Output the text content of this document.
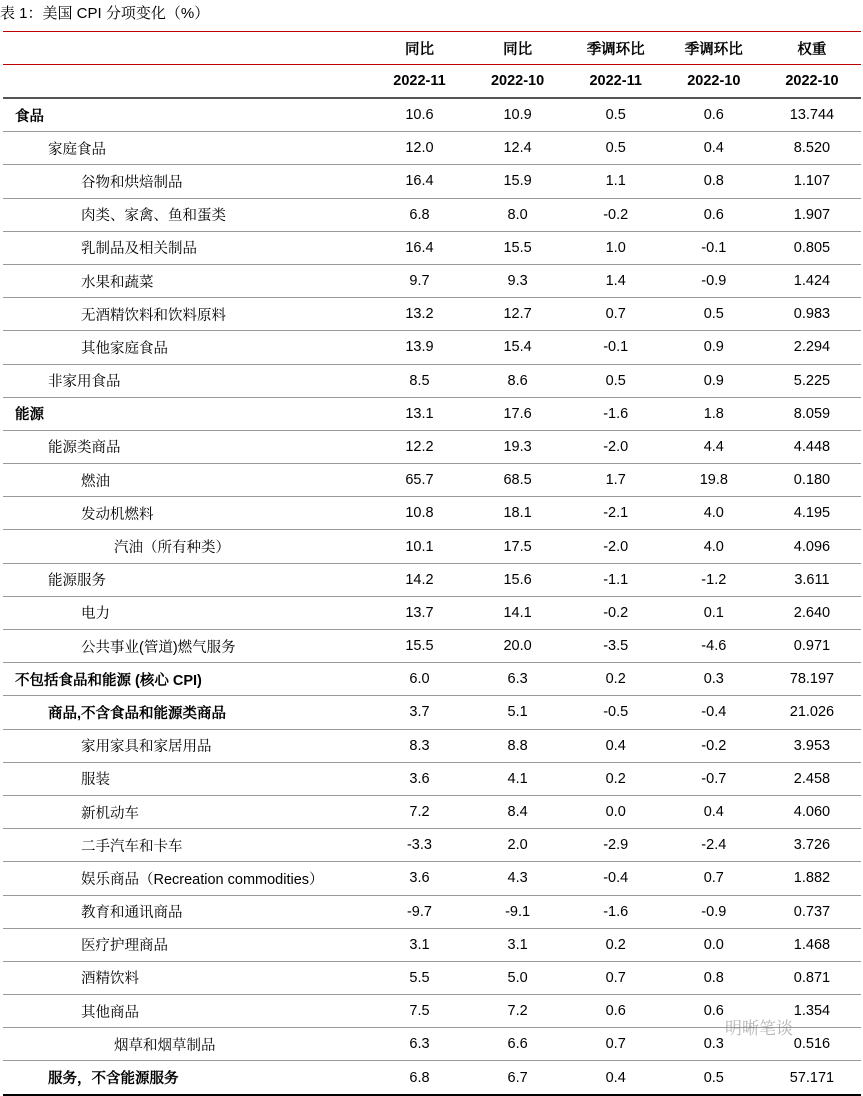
表 1：美国 CPI 分项变化（%）
	同比	同比	季调环比	季调环比	权重
	2022-11	2022-10	2022-11	2022-10	2022-10
食品	10.6	10.9	0.5	0.6	13.744
家庭食品	12.0	12.4	0.5	0.4	8.520
谷物和烘焙制品	16.4	15.9	1.1	0.8	1.107
肉类、家禽、鱼和蛋类	6.8	8.0	-0.2	0.6	1.907
乳制品及相关制品	16.4	15.5	1.0	-0.1	0.805
水果和蔬菜	9.7	9.3	1.4	-0.9	1.424
无酒精饮料和饮料原料	13.2	12.7	0.7	0.5	0.983
其他家庭食品	13.9	15.4	-0.1	0.9	2.294
非家用食品	8.5	8.6	0.5	0.9	5.225
能源	13.1	17.6	-1.6	1.8	8.059
能源类商品	12.2	19.3	-2.0	4.4	4.448
燃油	65.7	68.5	1.7	19.8	0.180
发动机燃料	10.8	18.1	-2.1	4.0	4.195
汽油（所有种类）	10.1	17.5	-2.0	4.0	4.096
能源服务	14.2	15.6	-1.1	-1.2	3.611
电力	13.7	14.1	-0.2	0.1	2.640
公共事业(管道)燃气服务	15.5	20.0	-3.5	-4.6	0.971
不包括食品和能源 (核心 CPI)	6.0	6.3	0.2	0.3	78.197
商品,不含食品和能源类商品	3.7	5.1	-0.5	-0.4	21.026
家用家具和家居用品	8.3	8.8	0.4	-0.2	3.953
服装	3.6	4.1	0.2	-0.7	2.458
新机动车	7.2	8.4	0.0	0.4	4.060
二手汽车和卡车	-3.3	2.0	-2.9	-2.4	3.726
娱乐商品（Recreation commodities）	3.6	4.3	-0.4	0.7	1.882
教育和通讯商品	-9.7	-9.1	-1.6	-0.9	0.737
医疗护理商品	3.1	3.1	0.2	0.0	1.468
酒精饮料	5.5	5.0	0.7	0.8	0.871
其他商品	7.5	7.2	0.6	0.6	1.354
烟草和烟草制品	6.3	6.6	0.7	0.3	0.516
服务，不含能源服务	6.8	6.7	0.4	0.5	57.171
明晰笔谈
